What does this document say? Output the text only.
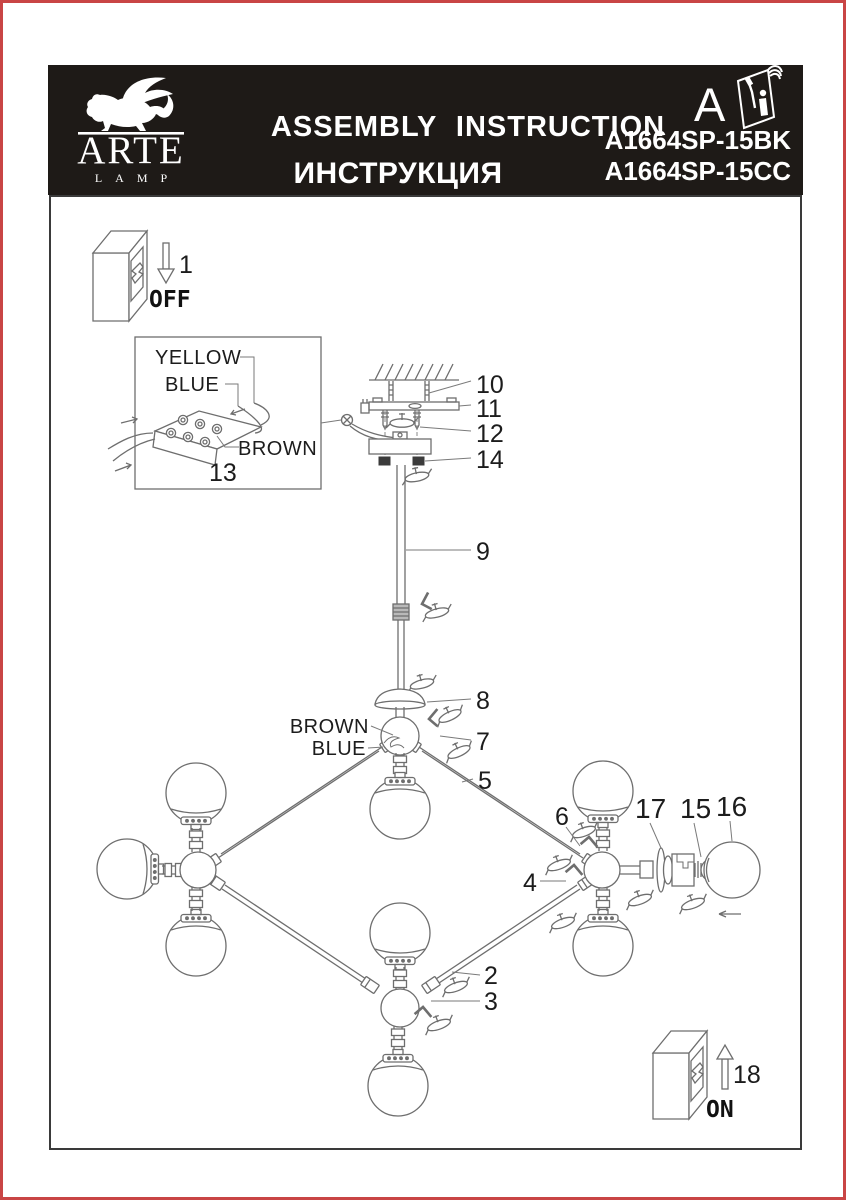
ARTE
LAMP
ASSEMBLY INSTRUCTION
ИНСТРУКЦИЯ
A1664SP-15BK
A1664SP-15CC
A
1
OFF
YELLOW
BLUE
BROWN
13
10
11
12
14
9
8
5
BROWN
BLUE	7
6
4
17 15 16
2
3
18
ON
